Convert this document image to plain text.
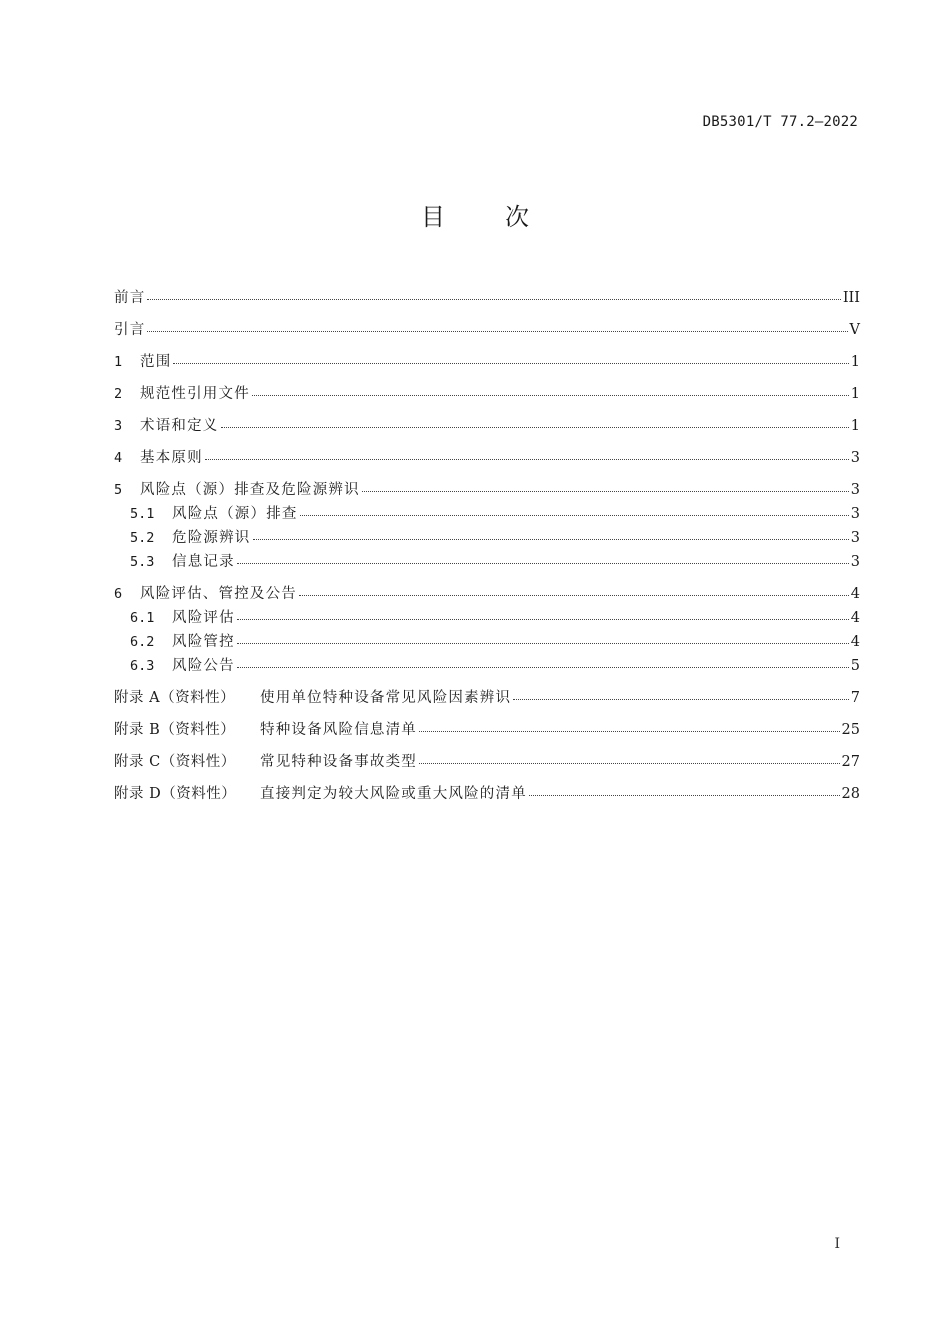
DB5301/T 77.2—2022
目	次
前言	III
引言	V
1	范围	1
2	规范性引用文件	1
3	术语和定义	1
4	基本原则	3
5	风险点（源）排查及危险源辨识	3
5.1	风险点（源）排查	3
5.2	危险源辨识	3
5.3	信息记录	3
6	风险评估、管控及公告	4
6.1	风险评估	4
6.2	风险管控	4
6.3	风险公告	5
附录 A（资料性）	使用单位特种设备常见风险因素辨识	7
附录 B（资料性）	特种设备风险信息清单	25
附录 C（资料性）	常见特种设备事故类型	27
附录 D（资料性）	直接判定为较大风险或重大风险的清单	28
I
